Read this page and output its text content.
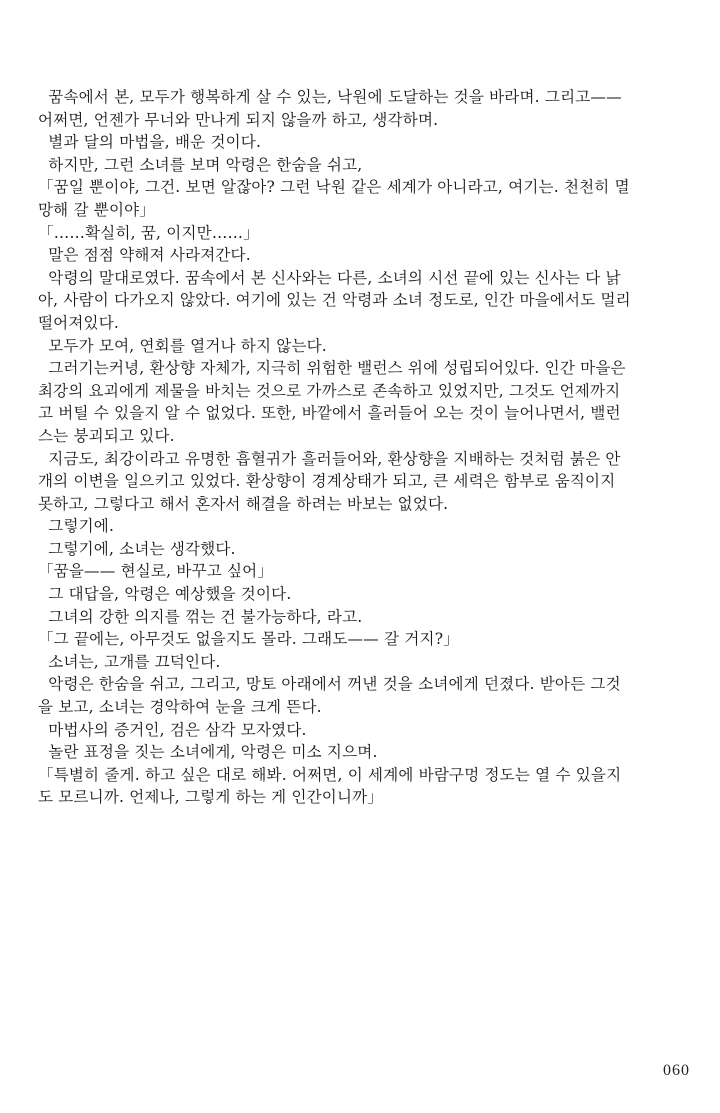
꿈속에서 본, 모두가 행복하게 살 수 있는, 낙원에 도달하는 것을 바라며. 그리고——
어쩌면, 언젠가 무너와 만나게 되지 않을까 하고, 생각하며.

별과 달의 마법을, 배운 것이다.

하지만, 그런 소녀를 보며 악령은 한숨을 쉬고,

「꿈일 뿐이야, 그건. 보면 알잖아? 그런 낙원 같은 세계가 아니라고, 여기는. 천천히 멸
망해 갈 뿐이야」

「……확실히, 꿈, 이지만……」

말은 점점 약해져 사라져간다.

악령의 말대로였다. 꿈속에서 본 신사와는 다른, 소녀의 시선 끝에 있는 신사는 다 낡
아, 사람이 다가오지 않았다. 여기에 있는 건 악령과 소녀 정도로, 인간 마을에서도 멀리
떨어져있다.

모두가 모여, 연회를 열거나 하지 않는다.

그러기는커녕, 환상향 자체가, 지극히 위험한 밸런스 위에 성립되어있다. 인간 마을은
최강의 요괴에게 제물을 바치는 것으로 가까스로 존속하고 있었지만, 그것도 언제까지
고 버틸 수 있을지 알 수 없었다. 또한, 바깥에서 흘러들어 오는 것이 늘어나면서, 밸런
스는 붕괴되고 있다.

지금도, 최강이라고 유명한 흡혈귀가 흘러들어와, 환상향을 지배하는 것처럼 붉은 안
개의 이변을 일으키고 있었다. 환상향이 경계상태가 되고, 큰 세력은 함부로 움직이지
못하고, 그렇다고 해서 혼자서 해결을 하려는 바보는 없었다.

그렇기에.

그렇기에, 소녀는 생각했다.

「꿈을—— 현실로, 바꾸고 싶어」

그 대답을, 악령은 예상했을 것이다.

그녀의 강한 의지를 꺾는 건 불가능하다, 라고.

「그 끝에는, 아무것도 없을지도 몰라. 그래도—— 갈 거지?」

소녀는, 고개를 끄덕인다.

악령은 한숨을 쉬고, 그리고, 망토 아래에서 꺼낸 것을 소녀에게 던졌다. 받아든 그것
을 보고, 소녀는 경악하여 눈을 크게 뜬다.

마법사의 증거인, 검은 삼각 모자였다.

놀란 표정을 짓는 소녀에게, 악령은 미소 지으며.

「특별히 줄게. 하고 싶은 대로 해봐. 어쩌면, 이 세계에 바람구멍 정도는 열 수 있을지
도 모르니까. 언제나, 그렇게 하는 게 인간이니까」

060
